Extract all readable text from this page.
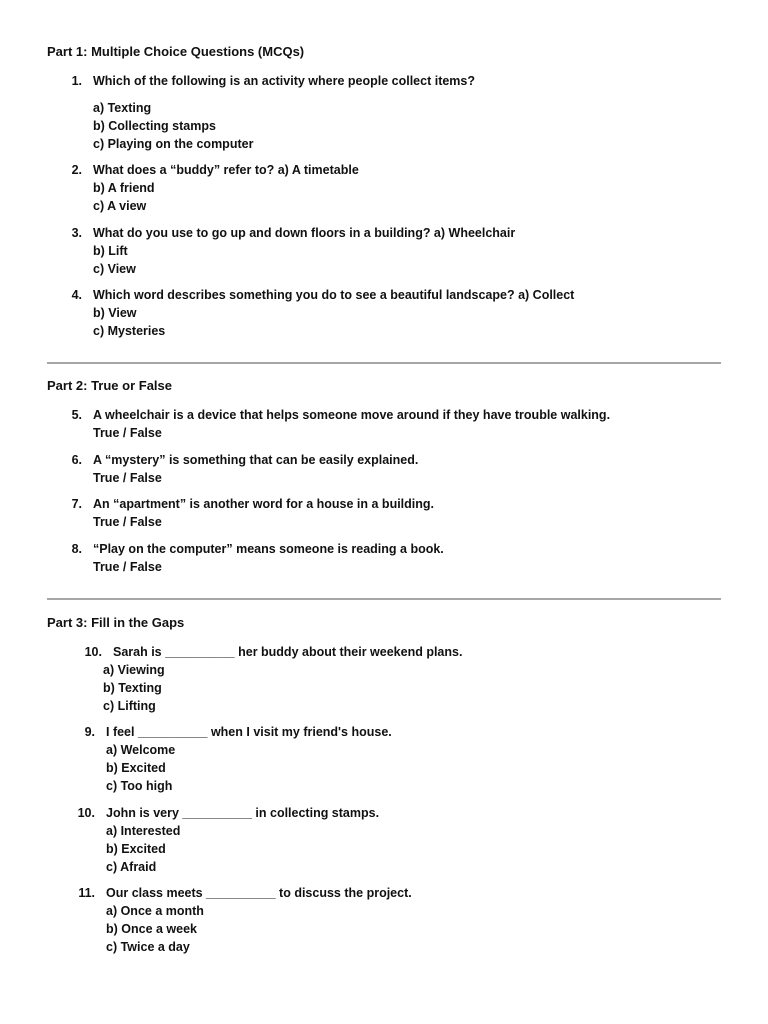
Part 1: Multiple Choice Questions (MCQs)
1. Which of the following is an activity where people collect items?
a) Texting
b) Collecting stamps
c) Playing on the computer
2. What does a “buddy” refer to? a) A timetable
b) A friend
c) A view
3. What do you use to go up and down floors in a building? a) Wheelchair
b) Lift
c) View
4. Which word describes something you do to see a beautiful landscape? a) Collect
b) View
c) Mysteries
Part 2: True or False
5. A wheelchair is a device that helps someone move around if they have trouble walking.
True / False
6. A “mystery” is something that can be easily explained.
True / False
7. An “apartment” is another word for a house in a building.
True / False
8. “Play on the computer” means someone is reading a book.
True / False
Part 3: Fill in the Gaps
10. Sarah is __________ her buddy about their weekend plans.
a) Viewing
b) Texting
c) Lifting
9. I feel __________ when I visit my friend's house.
a) Welcome
b) Excited
c) Too high
10. John is very __________ in collecting stamps.
a) Interested
b) Excited
c) Afraid
11. Our class meets __________ to discuss the project.
a) Once a month
b) Once a week
c) Twice a day
